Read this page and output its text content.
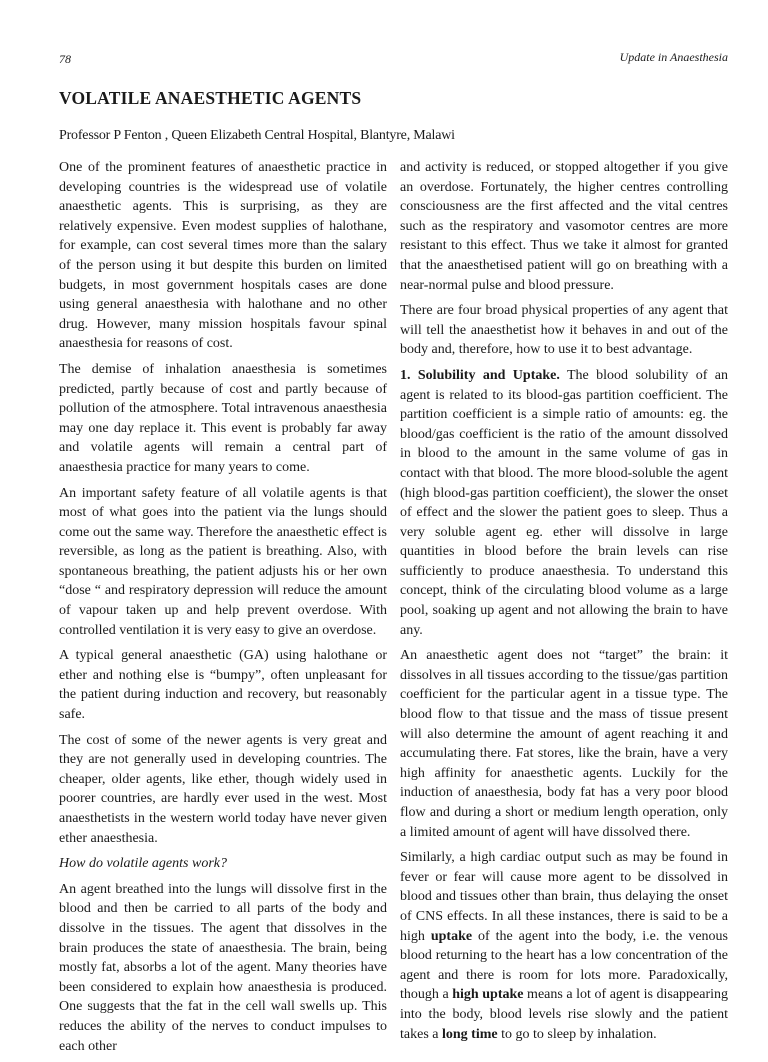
78	Update in Anaesthesia
VOLATILE ANAESTHETIC AGENTS
Professor P Fenton , Queen Elizabeth Central Hospital, Blantyre, Malawi

One of the prominent features of anaesthetic practice in developing countries is the widespread use of volatile anaesthetic agents. This is surprising, as they are relatively expensive. Even modest supplies of halothane, for example, can cost several times more than the salary of the person using it but despite this burden on limited budgets, in most government hospitals cases are done using general anaesthesia with halothane and no other drug. However, many mission hospitals favour spinal anaesthesia for reasons of cost.

The demise of inhalation anaesthesia is sometimes predicted, partly because of cost and partly because of pollution of the atmosphere. Total intravenous anaesthesia may one day replace it. This event is probably far away and volatile agents will remain a central part of anaesthesia practice for many years to come.

An important safety feature of all volatile agents is that most of what goes into the patient via the lungs should come out the same way. Therefore the anaesthetic effect is reversible, as long as the patient is breathing. Also, with spontaneous breathing, the patient adjusts his or her own “dose “ and respiratory depression will reduce the amount of vapour taken up and help prevent overdose. With controlled ventilation it is very easy to give an overdose.

A typical general anaesthetic (GA) using halothane or ether and nothing else is “bumpy”, often unpleasant for the patient during induction and recovery, but reasonably safe.

The cost of some of the newer agents is very great and they are not generally used in developing countries. The cheaper, older agents, like ether, though widely used in poorer countries, are hardly ever used in the west. Most anaesthetists in the western world today have never given ether anaesthesia.

How do volatile agents work?

An agent breathed into the lungs will dissolve first in the blood and then be carried to all parts of the body and dissolve in the tissues. The agent that dissolves in the brain produces the state of anaesthesia. The brain, being mostly fat, absorbs a lot of the agent. Many theories have been considered to explain how anaesthesia is produced. One suggests that the fat in the cell wall swells up. This reduces the ability of the nerves to conduct impulses to each other

and activity is reduced, or stopped altogether if you give an overdose. Fortunately, the higher centres controlling consciousness are the first affected and the vital centres such as the respiratory and vasomotor centres are more resistant to this effect. Thus we take it almost for granted that the anaesthetised patient will go on breathing with a near-normal pulse and blood pressure.

There are four broad physical properties of any agent that will tell the anaesthetist how it behaves in and out of the body and, therefore, how to use it to best advantage.

1. Solubility and Uptake. The blood solubility of an agent is related to its blood-gas partition coefficient. The partition coefficient is a simple ratio of amounts: eg. the blood/gas coefficient is the ratio of the amount dissolved in blood to the amount in the same volume of gas in contact with that blood. The more blood-soluble the agent (high blood-gas partition coefficient), the slower the onset of effect and the slower the patient goes to sleep. Thus a very soluble agent eg. ether will dissolve in large quantities in blood before the brain levels can rise sufficiently to produce anaesthesia. To understand this concept, think of the circulating blood volume as a large pool, soaking up agent and not allowing the brain to have any.

An anaesthetic agent does not “target” the brain: it dissolves in all tissues according to the tissue/gas partition coefficient for the particular agent in a tissue type. The blood flow to that tissue and the mass of tissue present will also determine the amount of agent reaching it and accumulating there. Fat stores, like the brain, have a very high affinity for anaesthetic agents. Luckily for the induction of anaesthesia, body fat has a very poor blood flow and during a short or medium length operation, only a limited amount of agent will have dissolved there.

Similarly, a high cardiac output such as may be found in fever or fear will cause more agent to be dissolved in blood and tissues other than brain, thus delaying the onset of CNS effects. In all these instances, there is said to be a high uptake of the agent into the body, i.e. the venous blood returning to the heart has a low concentration of the agent and there is room for lots more. Paradoxically, though a high uptake means a lot of agent is disappearing into the body, blood levels rise slowly and the patient takes a long time to go to sleep by inhalation.
